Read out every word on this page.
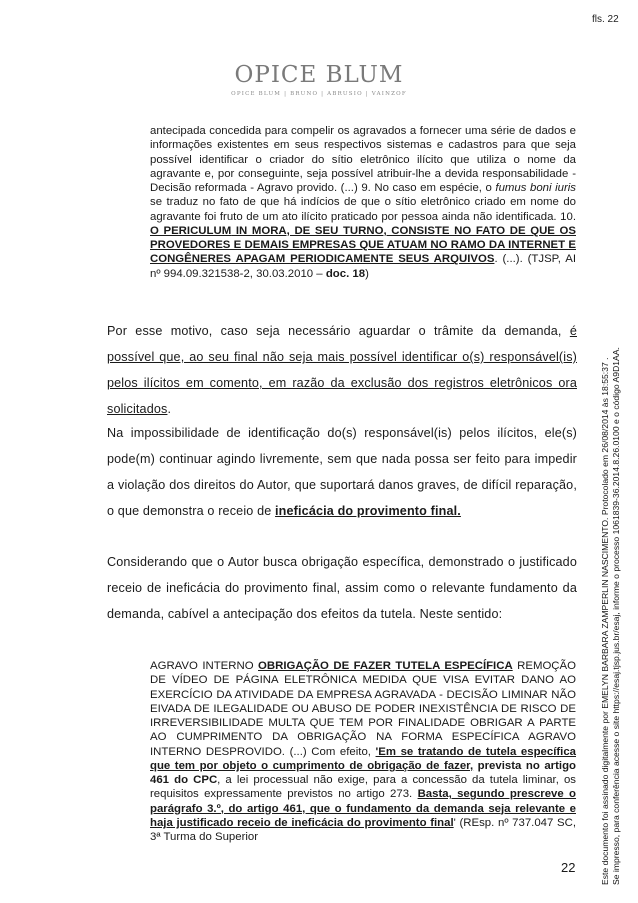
fls. 22
OPICE BLUM
OPICE BLUM | BRUNO | ABRUSIO | VAINZOF
antecipada concedida para compelir os agravados a fornecer uma série de dados e informações existentes em seus respectivos sistemas e cadastros para que seja possível identificar o criador do sítio eletrônico ilícito que utiliza o nome da agravante e, por conseguinte, seja possível atribuir-lhe a devida responsabilidade - Decisão reformada - Agravo provido. (...) 9. No caso em espécie, o fumus boni iuris se traduz no fato de que há indícios de que o sítio eletrônico criado em nome do agravante foi fruto de um ato ilícito praticado por pessoa ainda não identificada. 10. O PERICULUM IN MORA, DE SEU TURNO, CONSISTE NO FATO DE QUE OS PROVEDORES E DEMAIS EMPRESAS QUE ATUAM NO RAMO DA INTERNET E CONGÊNERES APAGAM PERIODICAMENTE SEUS ARQUIVOS. (...). (TJSP, AI nº 994.09.321538-2, 30.03.2010 – doc. 18)
Por esse motivo, caso seja necessário aguardar o trâmite da demanda, é possível que, ao seu final não seja mais possível identificar o(s) responsável(is) pelos ilícitos em comento, em razão da exclusão dos registros eletrônicos ora solicitados.
Na impossibilidade de identificação do(s) responsável(is) pelos ilícitos, ele(s) pode(m) continuar agindo livremente, sem que nada possa ser feito para impedir a violação dos direitos do Autor, que suportará danos graves, de difícil reparação, o que demonstra o receio de ineficácia do provimento final.
Considerando que o Autor busca obrigação específica, demonstrado o justificado receio de ineficácia do provimento final, assim como o relevante fundamento da demanda, cabível a antecipação dos efeitos da tutela. Neste sentido:
AGRAVO INTERNO OBRIGAÇÃO DE FAZER TUTELA ESPECÍFICA REMOÇÃO DE VÍDEO DE PÁGINA ELETRÔNICA MEDIDA QUE VISA EVITAR DANO AO EXERCÍCIO DA ATIVIDADE DA EMPRESA AGRAVADA - DECISÃO LIMINAR NÃO EIVADA DE ILEGALIDADE OU ABUSO DE PODER INEXISTÊNCIA DE RISCO DE IRREVERSIBILIDADE MULTA QUE TEM POR FINALIDADE OBRIGAR A PARTE AO CUMPRIMENTO DA OBRIGAÇÃO NA FORMA ESPECÍFICA AGRAVO INTERNO DESPROVIDO. (...) Com efeito, 'Em se tratando de tutela específica que tem por objeto o cumprimento de obrigação de fazer, prevista no artigo 461 do CPC, a lei processual não exige, para a concessão da tutela liminar, os requisitos expressamente previstos no artigo 273. Basta, segundo prescreve o parágrafo 3.º, do artigo 461, que o fundamento da demanda seja relevante e haja justificado receio de ineficácia do provimento final' (REsp. nº 737.047 SC, 3ª Turma do Superior
22	Este documento foi assinado digitalmente por EMELYN BARBARA ZAMPERLIN NASCIMENTO. Protocolado em 26/08/2014 às 18:55:37 . Se impresso, para conferência acesse o site https://esaj.tjsp.jus.br/esaj, informe o processo 1061839-36.2014.8.26.0100 e o código A9D1AA.
